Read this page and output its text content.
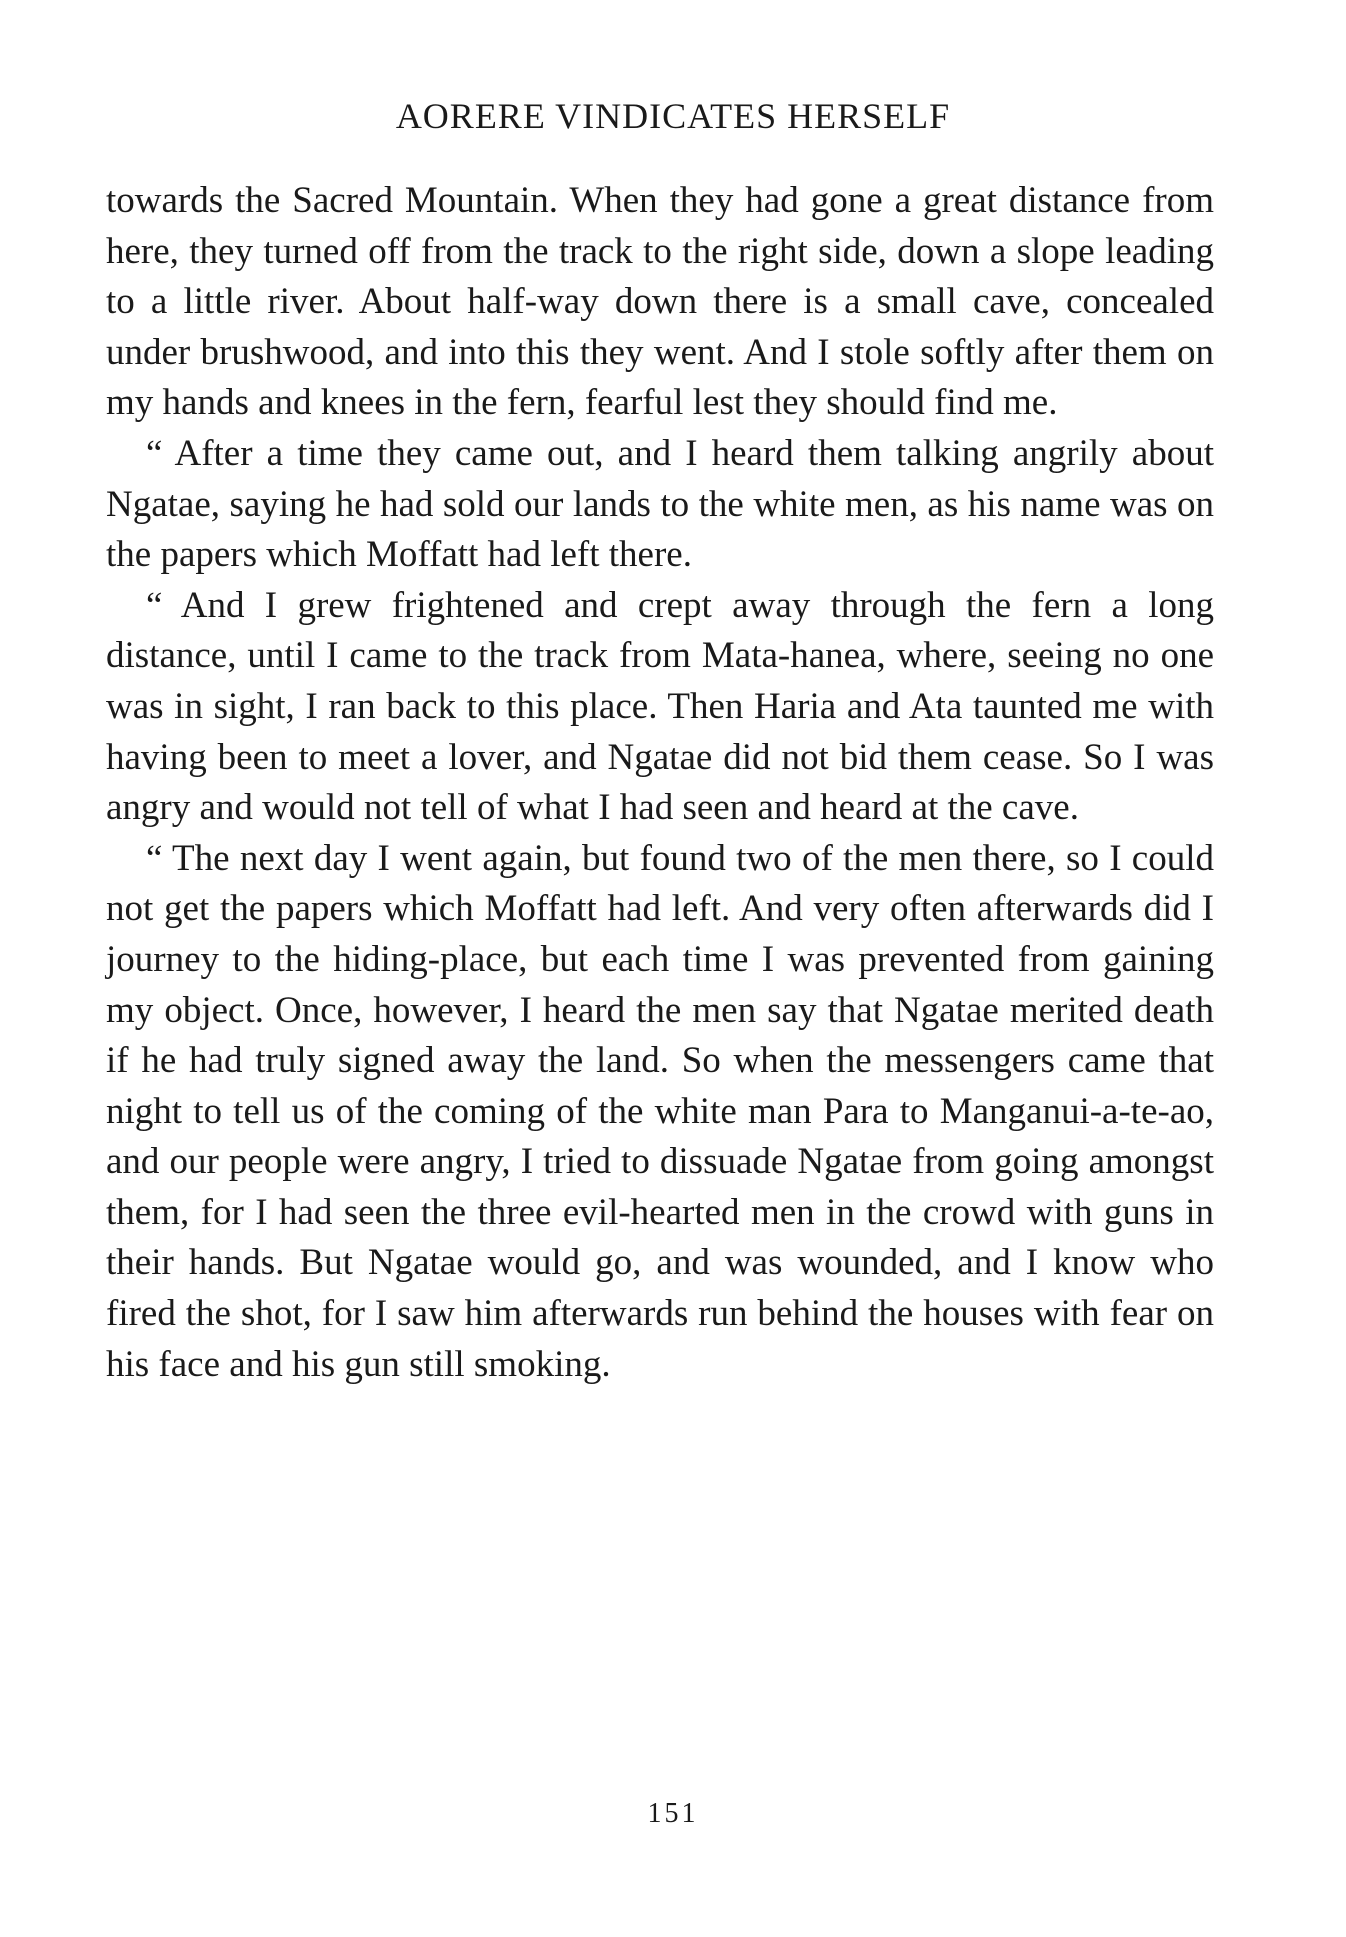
AORERE VINDICATES HERSELF

towards the Sacred Mountain. When they had gone a great distance from here, they turned off from the track to the right side, down a slope leading to a little river. About half-way down there is a small cave, concealed under brushwood, and into this they went. And I stole softly after them on my hands and knees in the fern, fearful lest they should find me.

“ After a time they came out, and I heard them talking angrily about Ngatae, saying he had sold our lands to the white men, as his name was on the papers which Moffatt had left there.

“ And I grew frightened and crept away through the fern a long distance, until I came to the track from Mata-hanea, where, seeing no one was in sight, I ran back to this place. Then Haria and Ata taunted me with having been to meet a lover, and Ngatae did not bid them cease. So I was angry and would not tell of what I had seen and heard at the cave.

“ The next day I went again, but found two of the men there, so I could not get the papers which Moffatt had left. And very often afterwards did I journey to the hiding-place, but each time I was prevented from gaining my object. Once, however, I heard the men say that Ngatae merited death if he had truly signed away the land. So when the messengers came that night to tell us of the coming of the white man Para to Manganui-a-te-ao, and our people were angry, I tried to dissuade Ngatae from going amongst them, for I had seen the three evil-hearted men in the crowd with guns in their hands. But Ngatae would go, and was wounded, and I know who fired the shot, for I saw him afterwards run behind the houses with fear on his face and his gun still smoking.

151
